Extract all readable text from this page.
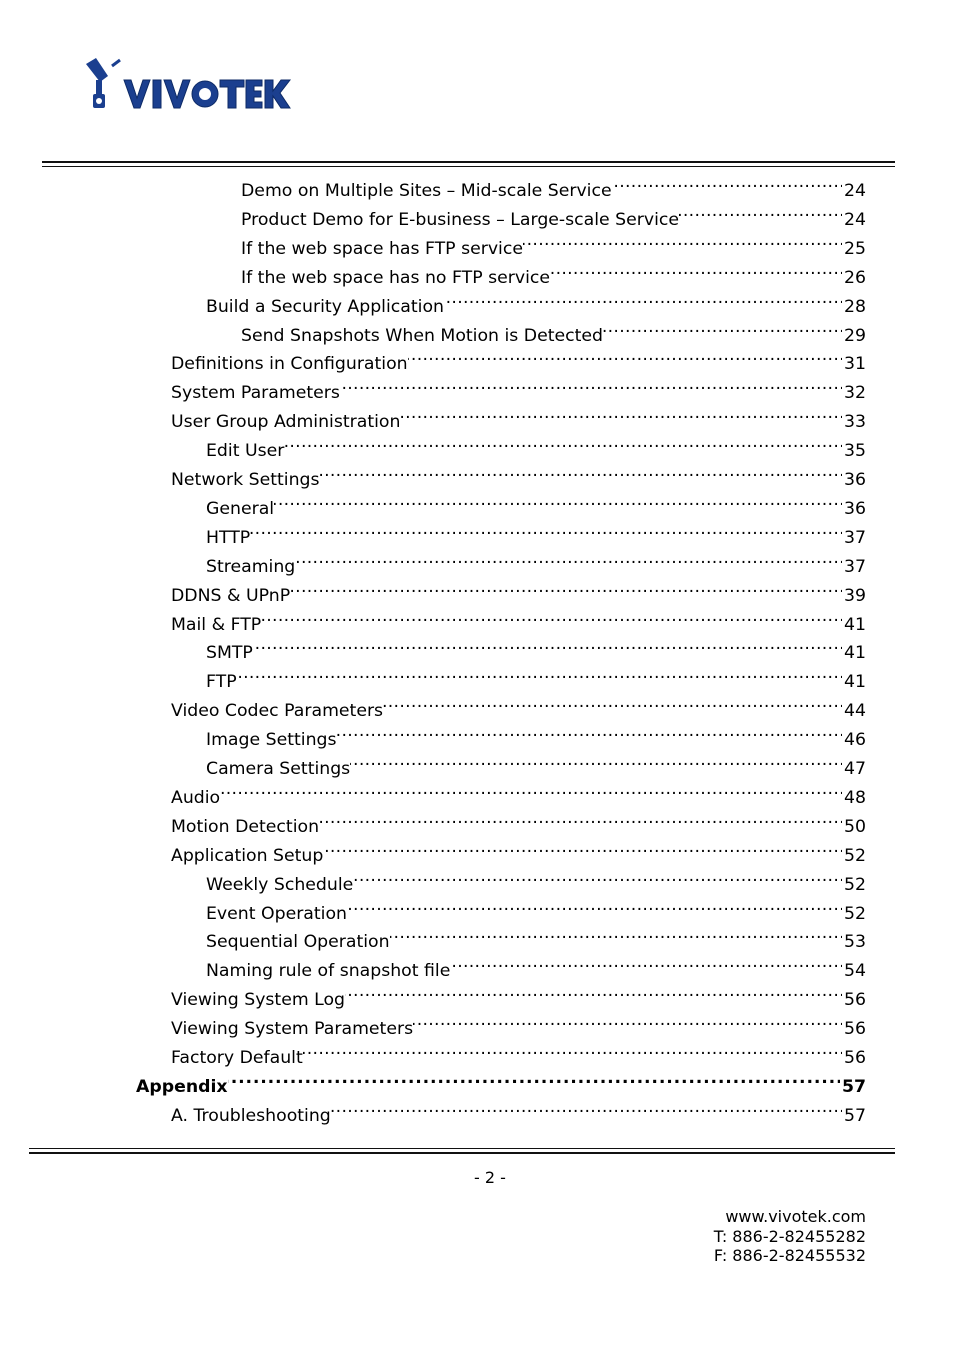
Demo on Multiple Sites – Mid-scale Service . . .	24
Product Demo for E-business – Large-scale Service . . .	24
If the web space has FTP service . . .	25
If the web space has no FTP service . . .	26
Build a Security Application . . .	28
Send Snapshots When Motion is Detected . . .	29
Definitions in Configuration . . .	31
System Parameters . . .	32
User Group Administration . . .	33
Edit User . . .	35
Network Settings . . .	36
General . . .	36
HTTP . . .	37
Streaming . . .	37
DDNS & UPnP . . .	39
Mail & FTP . . .	41
SMTP . . .	41
FTP . . .	41
Video Codec Parameters . . .	44
Image Settings . . .	46
Camera Settings . . .	47
Audio . . .	48
Motion Detection . . .	50
Application Setup . . .	52
Weekly Schedule . . .	52
Event Operation . . .	52
Sequential Operation . . .	53
Naming rule of snapshot file . . .	54
Viewing System Log . . .	56
Viewing System Parameters . . .	56
Factory Default . . .	56
Appendix . . .	57
A. Troubleshooting . . .	57
- 2 -
www.vivotek.com
T: 886-2-82455282
F: 886-2-82455532
